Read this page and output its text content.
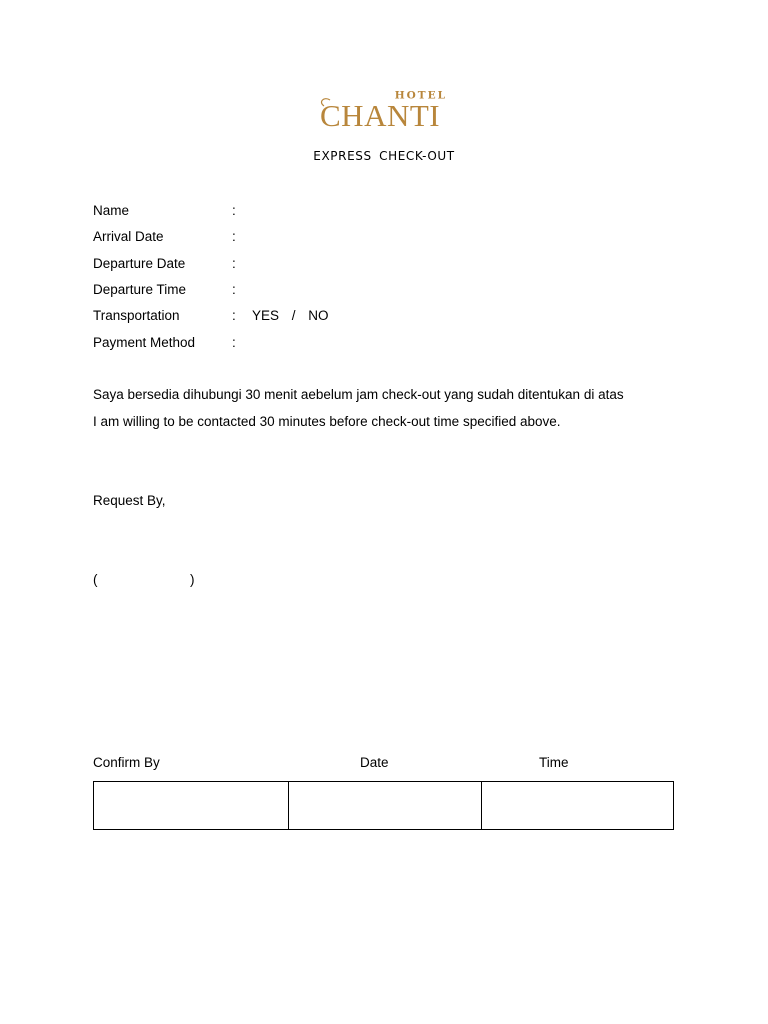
HOTEL
CHANTI
EXPRESS CHECK-OUT
Name	:
Arrival Date	:
Departure Date	:
Departure Time	:
Transportation	: YES / NO
Payment Method	:
Saya bersedia dihubungi 30 menit aebelum jam check-out yang sudah ditentukan di atas
I am willing to be contacted 30 minutes before check-out time specified above.
Request By,
(	)
Confirm By	Date	Time
